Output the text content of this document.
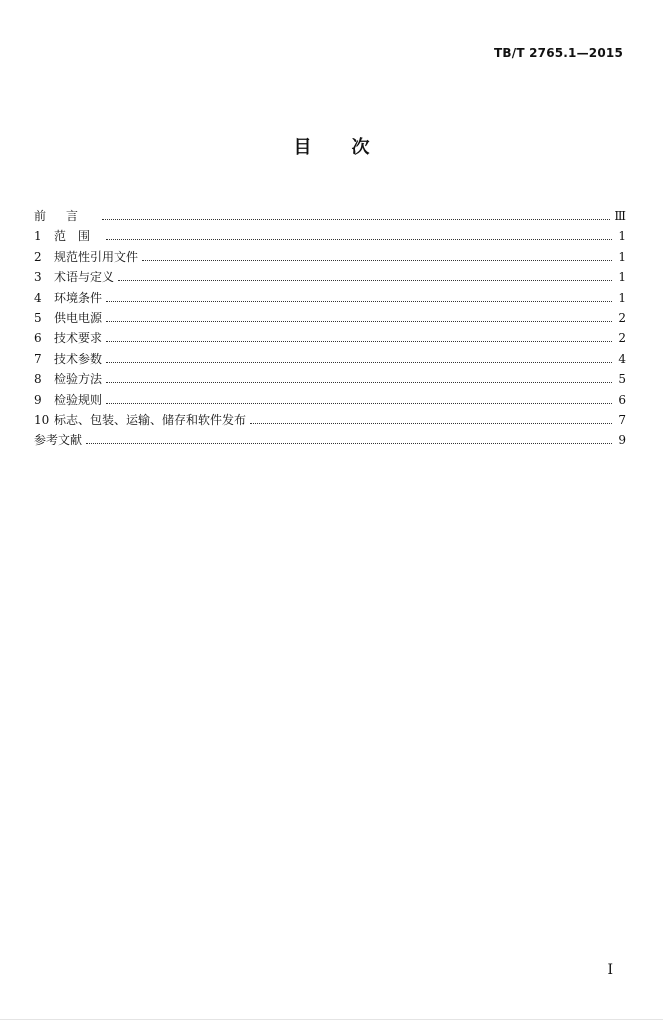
TB/T 2765.1—2015
目次
前言	Ⅲ
1	范围	1
2	规范性引用文件	1
3	术语与定义	1
4	环境条件	1
5	供电电源	2
6	技术要求	2
7	技术参数	4
8	检验方法	5
9	检验规则	6
10 标志、包装、运输、储存和软件发布	7
参考文献	9
I
